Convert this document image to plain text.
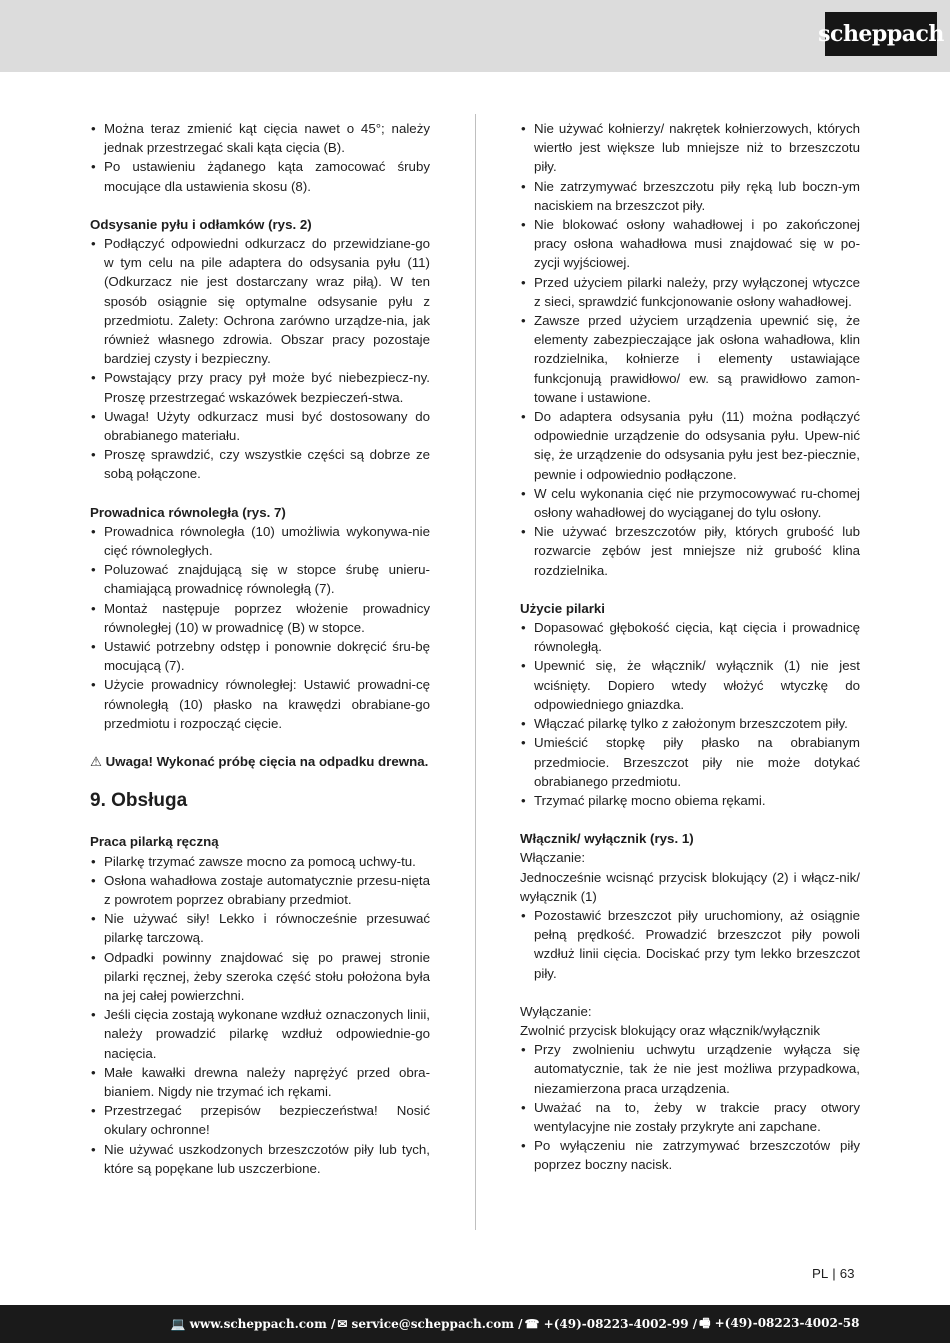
scheppach
• Można teraz zmienić kąt cięcia nawet o 45°; należy jednak przestrzegać skali kąta cięcia (B).
• Po ustawieniu żądanego kąta zamocować śruby mocujące dla ustawienia skosu (8).

Odsysanie pyłu i odłamków (rys. 2)

• Podłączyć odpowiedni odkurzacz do przewidziane-go w tym celu na pile adaptera do odsysania pyłu (11) (Odkurzacz nie jest dostarczany wraz piłą). W ten sposób osiągnie się optymalne odsysanie pyłu z przedmiotu. Zalety: Ochrona zarówno urządze-nia, jak również własnego zdrowia. Obszar pracy pozostaje bardziej czysty i bezpieczny.
• Powstający przy pracy pył może być niebezpiecz-ny. Proszę przestrzegać wskazówek bezpieczeń-stwa.
• Uwaga! Użyty odkurzacz musi być dostosowany do obrabianego materiału.
• Proszę sprawdzić, czy wszystkie części są dobrze ze sobą połączone.

Prowadnica równoległa (rys. 7)

• Prowadnica równoległa (10) umożliwia wykonywa-nie cięć równoległych.
• Poluzować znajdującą się w stopce śrubę unieru-chamiającą prowadnicę równoległą (7).
• Montaż następuje poprzez włożenie prowadnicy równoległej (10) w prowadnicę (B) w stopce.
• Ustawić potrzebny odstęp i ponownie dokręcić śru-bę mocującą (7).
• Użycie prowadnicy równoległej: Ustawić prowadni-cę równoległą (10) płasko na krawędzi obrabiane-go przedmiotu i rozpocząć cięcie.

⚠ Uwaga! Wykonać próbę cięcia na odpadku drewna.

9. Obsługa

Praca pilarką ręczną

• Pilarkę trzymać zawsze mocno za pomocą uchwy-tu.
• Osłona wahadłowa zostaje automatycznie przesu-nięta z powrotem poprzez obrabiany przedmiot.
• Nie używać siły! Lekko i równocześnie przesuwać pilarkę tarczową.
• Odpadki powinny znajdować się po prawej stronie pilarki ręcznej, żeby szeroka część stołu położona była na jej całej powierzchni.
• Jeśli cięcia zostają wykonane wzdłuż oznaczonych linii, należy prowadzić pilarkę wzdłuż odpowiednie-go nacięcia.
• Małe kawałki drewna należy naprężyć przed obra-bianiem. Nigdy nie trzymać ich rękami.
• Przestrzegać przepisów bezpieczeństwa! Nosić okulary ochronne!
• Nie używać uszkodzonych brzeszczotów piły lub tych, które są popękane lub uszczerbione.
• Nie używać kołnierzy/ nakrętek kołnierzowych, których wiertło jest większe lub mniejsze niż to brzeszczotu piły.
• Nie zatrzymywać brzeszczotu piły ręką lub boczn-ym naciskiem na brzeszczot piły.
• Nie blokować osłony wahadłowej i po zakończonej pracy osłona wahadłowa musi znajdować się w po-zycji wyjściowej.
• Przed użyciem pilarki należy, przy wyłączonej wtyczce z sieci, sprawdzić funkcjonowanie osłony wahadłowej.
• Zawsze przed użyciem urządzenia upewnić się, że elementy zabezpieczające jak osłona wahadłowa, klin rozdzielnika, kołnierze i elementy ustawiające funkcjonują prawidłowo/ ew. są prawidłowo zamon-towane i ustawione.
• Do adaptera odsysania pyłu (11) można podłączyć odpowiednie urządzenie do odsysania pyłu. Upew-nić się, że urządzenie do odsysania pyłu jest bez-piecznie, pewnie i odpowiednio podłączone.
• W celu wykonania cięć nie przymocowywać ru-chomej osłony wahadłowej do wyciąganej do tylu osłony.
• Nie używać brzeszczotów piły, których grubość lub rozwarcie zębów jest mniejsze niż grubość klina rozdzielnika.

Użycie pilarki

• Dopasować głębokość cięcia, kąt cięcia i prowadnicę równoległą.
• Upewnić się, że włącznik/ wyłącznik (1) nie jest wciśnięty. Dopiero wtedy włożyć wtyczkę do odpowiedniego gniazdka.
• Włączać pilarkę tylko z założonym brzeszczotem piły.
• Umieścić stopkę piły płasko na obrabianym przedmiocie. Brzeszczot piły nie może dotykać obrabianego przedmiotu.
• Trzymać pilarkę mocno obiema rękami.

Włącznik/ wyłącznik (rys. 1)

Włączanie:

Jednocześnie wcisnąć przycisk blokujący (2) i włącz-nik/ wyłącznik (1)

• Pozostawić brzeszczot piły uruchomiony, aż osiągnie pełną prędkość. Prowadzić brzeszczot piły powoli wzdłuż linii cięcia. Dociskać przy tym lekko brzeszczot piły.

Wyłączanie:

Zwolnić przycisk blokujący oraz włącznik/wyłącznik

• Przy zwolnieniu uchwytu urządzenie wyłącza się automatycznie, tak że nie jest możliwa przypadkowa, niezamierzona praca urządzenia.
• Uważać na to, żeby w trakcie pracy otwory wentylacyjne nie zostały przykryte ani zapchane.
• Po wyłączeniu nie zatrzymywać brzeszczotów piły poprzez boczny nacisk.
PL | 63
💻 www.scheppach.com / ✉ service@scheppach.com / ☎ +(49)-08223-4002-99 / 🖷 +(49)-08223-4002-58
